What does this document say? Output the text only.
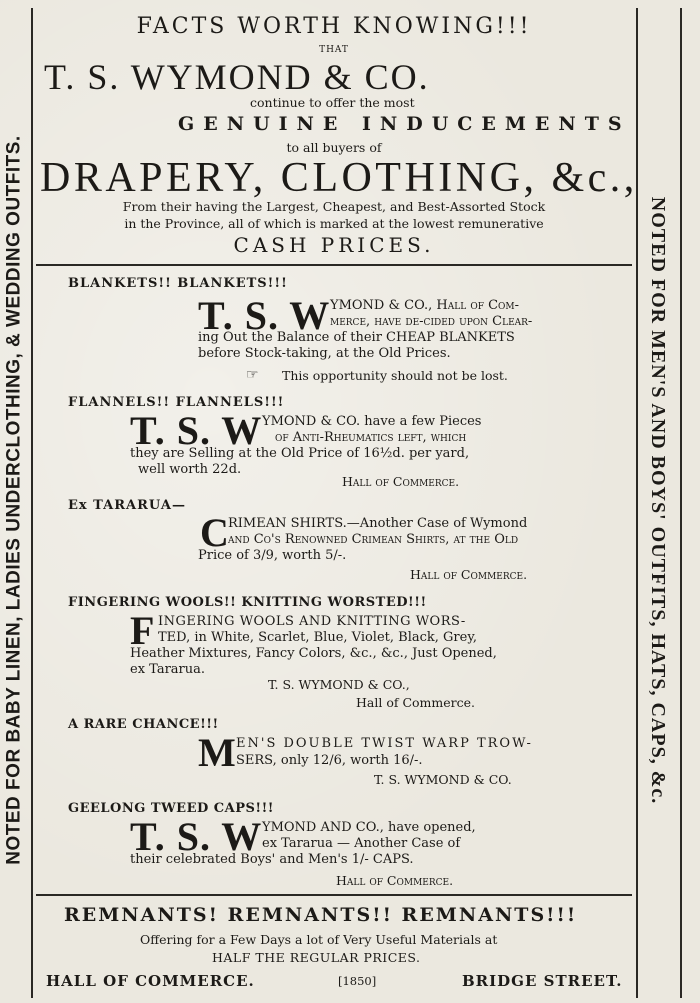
NOTED FOR BABY LINEN, LADIES UNDERCLOTHING, & WEDDING OUTFITS.	NOTED FOR MEN'S AND BOYS' OUTFITS, HATS, CAPS, &c.
FACTS WORTH KNOWING!!!
THAT
T. S. WYMOND & CO.
continue to offer the most
GENUINE INDUCEMENTS
to all buyers of
DRAPERY, CLOTHING, &c.,
From their having the Largest, Cheapest, and Best-Assorted Stock
in the Province, all of which is marked at the lowest remunerative
CASH PRICES.
BLANKETS!! BLANKETS!!!
T. S. W YMOND & CO., Hall of Com-
merce, have de-cided upon Clear-
ing Out the Balance of their CHEAP BLANKETS
before Stock-taking, at the Old Prices.
☞ This opportunity should not be lost.
FLANNELS!! FLANNELS!!!
T. S. W YMOND & CO. have a few Pieces
of Anti-Rheumatics left, which
they are Selling at the Old Price of 16½d. per yard,
well worth 22d.
Hall of Commerce.
Ex TARARUA—
C RIMEAN SHIRTS.—Another Case of Wymond
and Co's Renowned Crimean Shirts, at the Old
Price of 3/9, worth 5/-.
Hall of Commerce.
FINGERING WOOLS!! KNITTING WORSTED!!!
F INGERING WOOLS AND KNITTING WORS-
TED, in White, Scarlet, Blue, Violet, Black, Grey,
Heather Mixtures, Fancy Colors, &c., &c., Just Opened,
ex Tararua.
T. S. WYMOND & CO.,
Hall of Commerce.
A RARE CHANCE!!!
M EN'S DOUBLE TWIST WARP TROW-
SERS, only 12/6, worth 16/-.
T. S. WYMOND & CO.
GEELONG TWEED CAPS!!!
T. S. W YMOND AND CO., have opened,
ex Tararua — Another Case of
their celebrated Boys' and Men's 1/- CAPS.
Hall of Commerce.
REMNANTS! REMNANTS!! REMNANTS!!!
Offering for a Few Days a lot of Very Useful Materials at
HALF THE REGULAR PRICES.
HALL OF COMMERCE.	[1850]	BRIDGE STREET.
